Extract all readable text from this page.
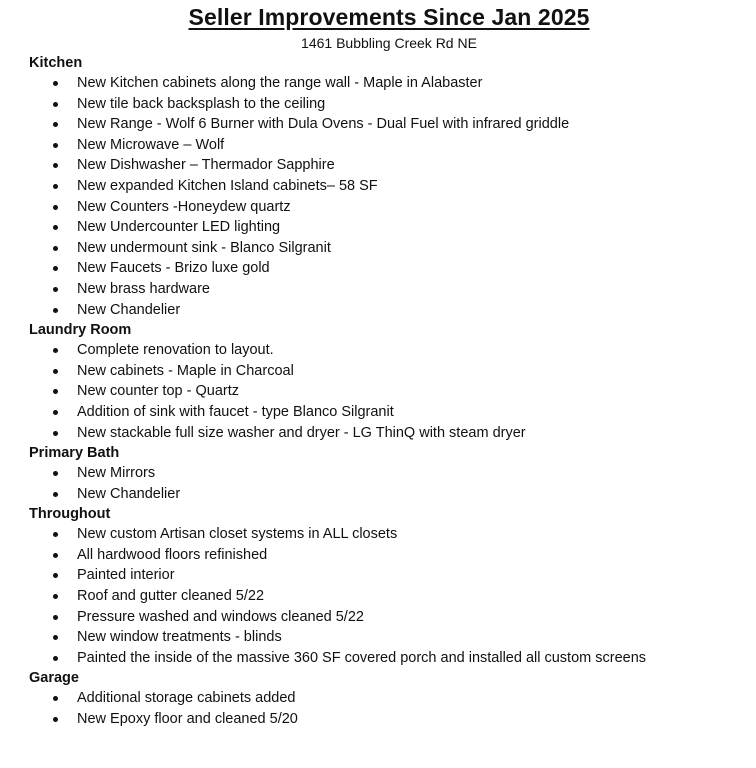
Seller Improvements Since Jan 2025
1461 Bubbling Creek Rd NE
Kitchen
New Kitchen cabinets along the range wall - Maple in Alabaster
New tile back backsplash to the ceiling
New Range - Wolf 6 Burner with Dula Ovens - Dual Fuel with infrared griddle
New Microwave – Wolf
New Dishwasher – Thermador Sapphire
New expanded Kitchen Island cabinets– 58 SF
New Counters -Honeydew quartz
New Undercounter LED lighting
New undermount sink - Blanco Silgranit
New Faucets - Brizo luxe gold
New brass hardware
New Chandelier
Laundry Room
Complete renovation to layout.
New cabinets - Maple in Charcoal
New counter top - Quartz
Addition of sink with faucet - type Blanco Silgranit
New stackable full size washer and dryer - LG ThinQ with steam dryer
Primary Bath
New Mirrors
New Chandelier
Throughout
New custom Artisan closet systems in ALL closets
All hardwood floors refinished
Painted interior
Roof and gutter cleaned 5/22
Pressure washed and windows cleaned 5/22
New window treatments - blinds
Painted the inside of the massive 360 SF covered porch and installed all custom screens
Garage
Additional storage cabinets added
New Epoxy floor and cleaned 5/20
